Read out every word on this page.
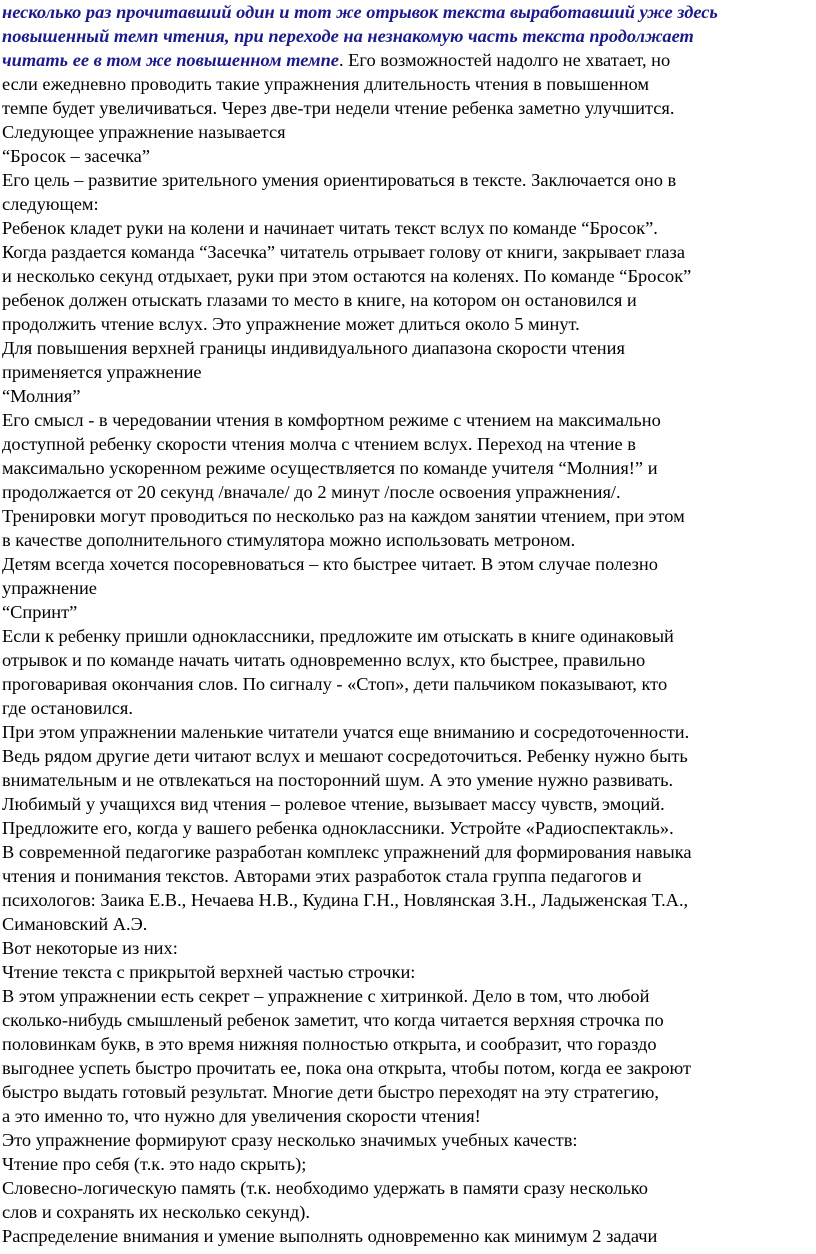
несколько раз прочитавший один и тот же отрывок текста выработавший уже здесь
повышенный темп чтения, при переходе на незнакомую часть текста продолжает
читать ее в том же повышенном темпе. Его возможностей надолго не хватает, но
если ежедневно проводить такие упражнения длительность чтения в повышенном
темпе будет увеличиваться. Через две-три недели чтение ребенка заметно улучшится.
Следующее упражнение называется
“Бросок – засечка”
Его цель – развитие зрительного умения ориентироваться в тексте. Заключается оно в
следующем:
Ребенок кладет руки на колени и начинает читать текст вслух по команде “Бросок”.
Когда раздается команда “Засечка” читатель отрывает голову от книги, закрывает глаза
и несколько секунд отдыхает, руки при этом остаются на коленях. По команде “Бросок”
ребенок должен отыскать глазами то место в книге, на котором он остановился и
продолжить чтение вслух. Это упражнение может длиться около 5 минут.
Для повышения верхней границы индивидуального диапазона скорости чтения
применяется упражнение
“Молния”
Его смысл - в чередовании чтения в комфортном режиме с чтением на максимально
доступной ребенку скорости чтения молча с чтением вслух. Переход на чтение в
максимально ускоренном режиме осуществляется по команде учителя “Молния!” и
продолжается от 20 секунд /вначале/ до 2 минут /после освоения упражнения/.
Тренировки могут проводиться по несколько раз на каждом занятии чтением, при этом
в качестве дополнительного стимулятора можно использовать метроном.
Детям всегда хочется посоревноваться – кто быстрее читает. В этом случае полезно
упражнение
“Спринт”
Если к ребенку пришли одноклассники, предложите им отыскать в книге одинаковый
отрывок и по команде начать читать одновременно вслух, кто быстрее, правильно
проговаривая окончания слов. По сигналу - «Стоп», дети пальчиком показывают, кто
где остановился.
При этом упражнении маленькие читатели учатся еще вниманию и сосредоточенности.
Ведь рядом другие дети читают вслух и мешают сосредоточиться. Ребенку нужно быть
внимательным и не отвлекаться на посторонний шум. А это умение нужно развивать.
Любимый у учащихся вид чтения – ролевое чтение, вызывает массу чувств, эмоций.
Предложите его, когда у вашего ребенка одноклассники. Устройте «Радиоспектакль».
В современной педагогике разработан комплекс упражнений для формирования навыка
чтения и понимания текстов. Авторами этих разработок стала группа педагогов и
психологов: Заика Е.В., Нечаева Н.В., Кудина Г.Н., Новлянская З.Н., Ладыженская Т.А.,
Симановский А.Э.
Вот некоторые из них:
Чтение текста с прикрытой верхней частью строчки:
В этом упражнении есть секрет – упражнение с хитринкой. Дело в том, что любой
сколько-нибудь смышленый ребенок заметит, что когда читается верхняя строчка по
половинкам букв, в это время нижняя полностью открыта, и сообразит, что гораздо
выгоднее успеть быстро прочитать ее, пока она открыта, чтобы потом, когда ее закроют
быстро выдать готовый результат. Многие дети быстро переходят на эту стратегию,
а это именно то, что нужно для увеличения скорости чтения!
Это упражнение формируют сразу несколько значимых учебных качеств:
Чтение про себя (т.к. это надо скрыть);
Словесно-логическую память (т.к. необходимо удержать в памяти сразу несколько
слов и сохранять их несколько секунд).
Распределение внимания и умение выполнять одновременно как минимум 2 задачи
